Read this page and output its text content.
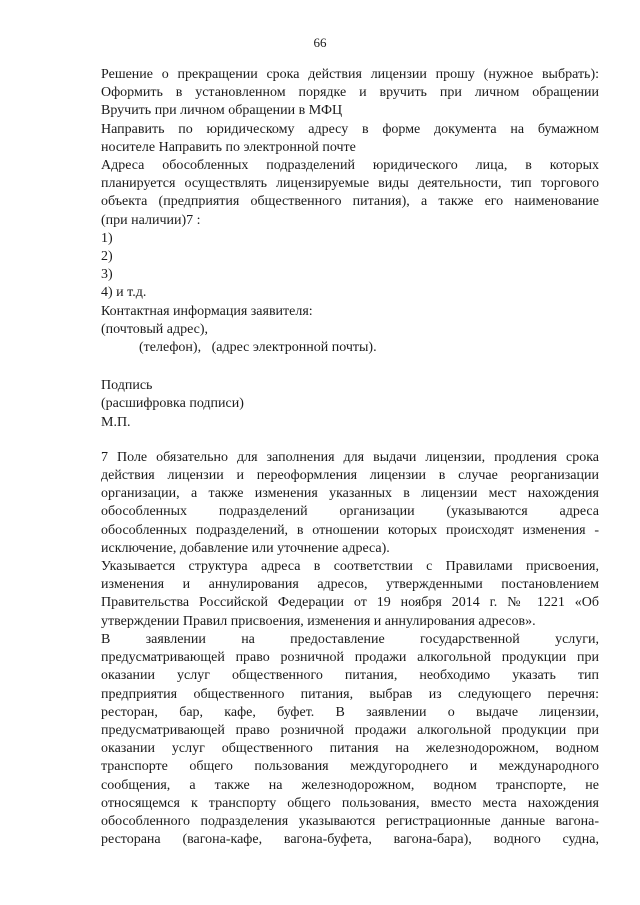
66
Решение о прекращении срока действия лицензии прошу (нужное выбрать):
Оформить в установленном порядке и вручить при личном обращении
Вручить при личном обращении в МФЦ
Направить по юридическому адресу в форме документа на бумажном
носителе Направить по электронной почте
Адреса обособленных подразделений юридического лица, в которых
планируется осуществлять лицензируемые виды деятельности, тип торгового
объекта (предприятия общественного питания), а также его наименование
(при наличии)7 :
1)
2)
3)
4) и т.д.
Контактная информация заявителя:
(почтовый адрес),
(телефон),   (адрес электронной почты).
Подпись
(расшифровка подписи)
М.П.
7 Поле обязательно для заполнения для выдачи лицензии, продления срока
действия лицензии и переоформления лицензии в случае реорганизации
организации, а также изменения указанных в лицензии мест нахождения
обособленных подразделений организации (указываются адреса
обособленных подразделений, в отношении которых происходят изменения -
исключение, добавление или уточнение адреса).
Указывается структура адреса в соответствии с Правилами присвоения,
изменения и аннулирования адресов, утвержденными постановлением
Правительства Российской Федерации от 19 ноября 2014 г. № 1221 «Об
утверждении Правил присвоения, изменения и аннулирования адресов».
В заявлении на предоставление государственной услуги,
предусматривающей право розничной продажи алкогольной продукции при
оказании услуг общественного питания, необходимо указать тип
предприятия общественного питания, выбрав из следующего перечня:
ресторан, бар, кафе, буфет. В заявлении о выдаче лицензии,
предусматривающей право розничной продажи алкогольной продукции при
оказании услуг общественного питания на железнодорожном, водном
транспорте общего пользования междугороднего и международного
сообщения, а также на железнодорожном, водном транспорте, не
относящемся к транспорту общего пользования, вместо места нахождения
обособленного подразделения указываются регистрационные данные вагона-
ресторана (вагона-кафе, вагона-буфета, вагона-бара), водного судна,
